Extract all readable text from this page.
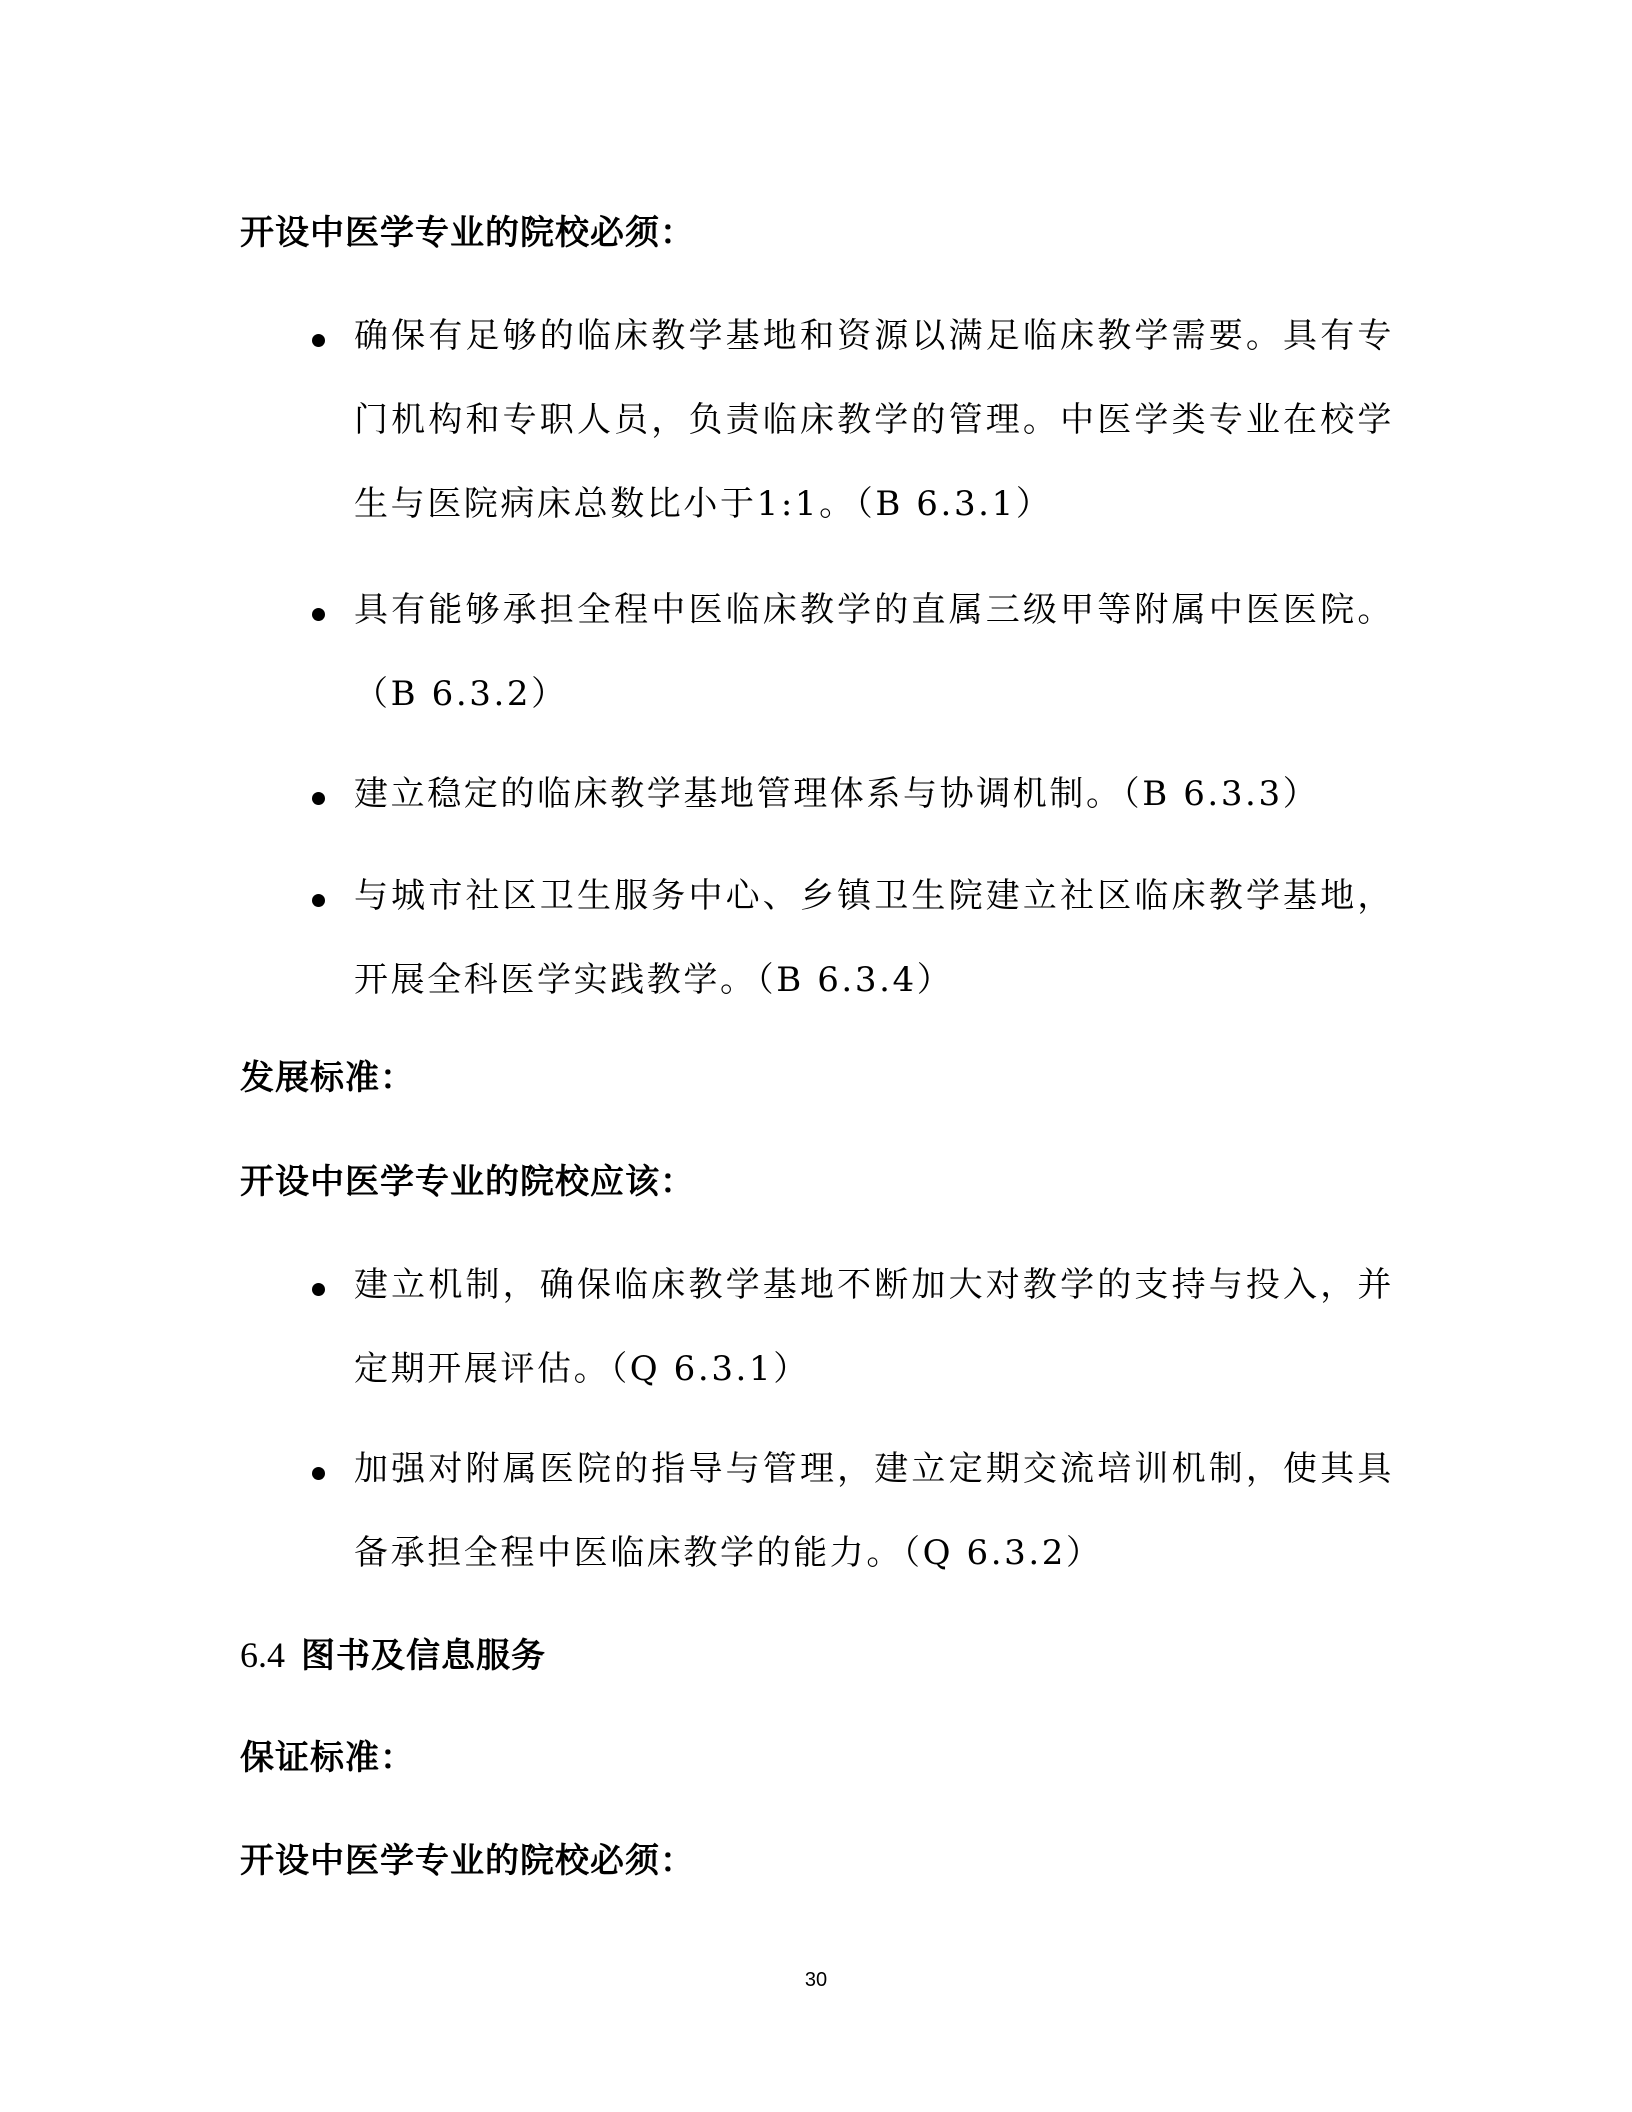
开设中医学专业的院校必须：
确保有足够的临床教学基地和资源以满足临床教学需要。具有专门机构和专职人员，负责临床教学的管理。中医学类专业在校学生与医院病床总数比小于1:1。（B 6.3.1）
具有能够承担全程中医临床教学的直属三级甲等附属中医医院。（B 6.3.2）
建立稳定的临床教学基地管理体系与协调机制。（B 6.3.3）
与城市社区卫生服务中心、乡镇卫生院建立社区临床教学基地，开展全科医学实践教学。（B 6.3.4）
发展标准：
开设中医学专业的院校应该：
建立机制，确保临床教学基地不断加大对教学的支持与投入，并定期开展评估。（Q 6.3.1）
加强对附属医院的指导与管理，建立定期交流培训机制，使其具备承担全程中医临床教学的能力。（Q 6.3.2）
6.4 图书及信息服务
保证标准：
开设中医学专业的院校必须：
30
